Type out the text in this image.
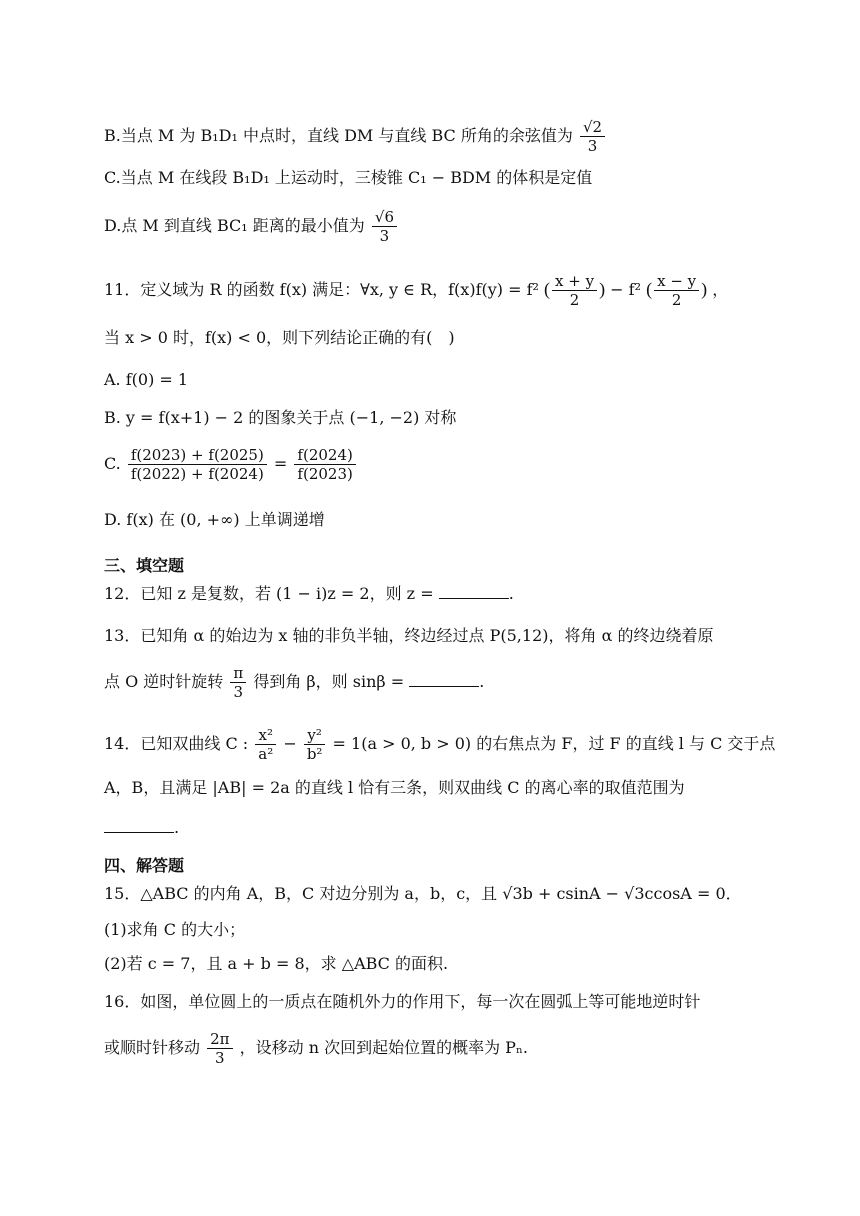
B.当点 M 为 B₁D₁ 中点时，直线 DM 与直线 BC 所角的余弦值为 $\frac{√2}{3}$
C.当点 M 在线段 B₁D₁ 上运动时，三棱锥 C₁ − BDM 的体积是定值
D.点 M 到直线 BC₁ 距离的最小值为 $\frac{√6}{3}$
11．定义域为 R 的函数 f(x) 满足：∀x, y ∈ R，f(x)f(y) = f² ( $\frac{x + y}{2}$ ) − f² ( $\frac{x - y}{2}$ ) ，
当 x > 0 时，f(x) < 0，则下列结论正确的有(　)
A. f(0) = 1
B. y = f(x+1) − 2 的图象关于点 (−1, −2) 对称
C. $\frac{f(2023) + f(2025)}{f(2022) + f(2024)} = \frac{f(2024)}{f(2023)}$
D. f(x) 在 (0, +∞) 上单调递增
三、填空题
12．已知 z 是复数，若 (1 − i)z = 2，则 z =	.
13．已知角 α 的始边为 x 轴的非负半轴，终边经过点 P(5,12)，将角 α 的终边绕着原
点 O 逆时针旋转 $\frac{\pi}{3}$ 得到角 β，则 sinβ =	.
14．已知双曲线 C : $\frac{\text{x²}}{\text{a²}} - \frac{\text{y²}}{\text{b²}} = 1(a > 0$, b > 0) 的右焦点为 F，过 F 的直线 l 与 C 交于点
A，B，且满足 |AB| = 2a 的直线 l 恰有三条，则双曲线 C 的离心率的取值范围为
.
四、解答题
15．△ABC 的内角 A，B，C 对边分别为 a，b，c，且 √3b + csinA − √3ccosA = 0．
(1)求角 C 的大小；
(2)若 c = 7，且 a + b = 8，求 △ABC 的面积.
16．如图，单位圆上的一质点在随机外力的作用下，每一次在圆弧上等可能地逆时针
或顺时针移动 $\frac{2\pi}{3}$ ，设移动 n 次回到起始位置的概率为 Pₙ.
